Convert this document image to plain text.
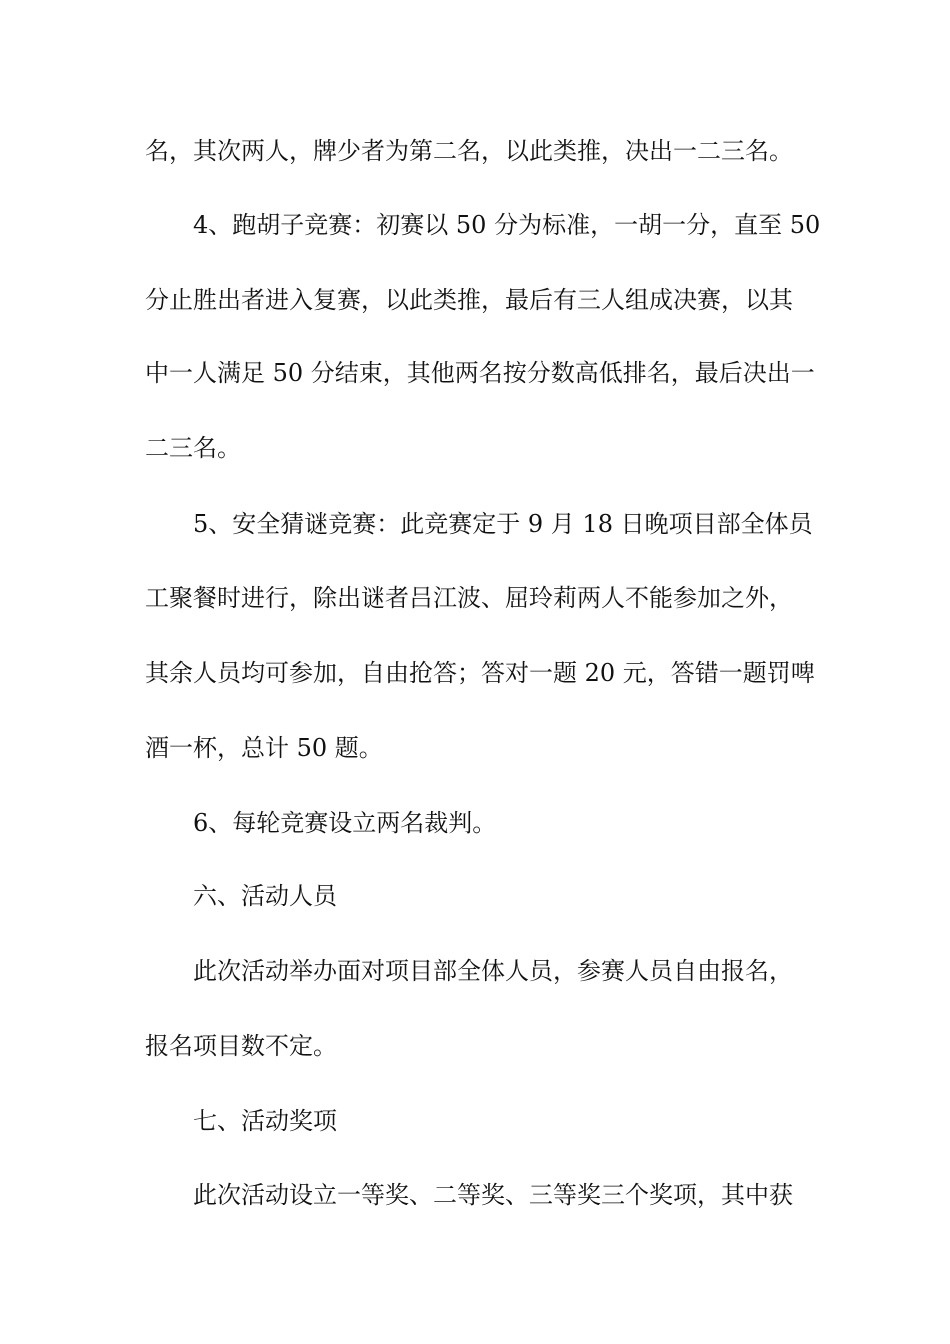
名，其次两人，牌少者为第二名，以此类推，决出一二三名。
4、跑胡子竞赛：初赛以 50 分为标准，一胡一分，直至 50
分止胜出者进入复赛，以此类推，最后有三人组成决赛，以其
中一人满足 50 分结束，其他两名按分数高低排名，最后决出一
二三名。
5、安全猜谜竞赛：此竞赛定于 9 月 18 日晚项目部全体员
工聚餐时进行，除出谜者吕江波、屈玲莉两人不能参加之外，
其余人员均可参加，自由抢答；答对一题 20 元，答错一题罚啤
酒一杯，总计 50 题。
6、每轮竞赛设立两名裁判。
六、活动人员
此次活动举办面对项目部全体人员，参赛人员自由报名，
报名项目数不定。
七、活动奖项
此次活动设立一等奖、二等奖、三等奖三个奖项，其中获
